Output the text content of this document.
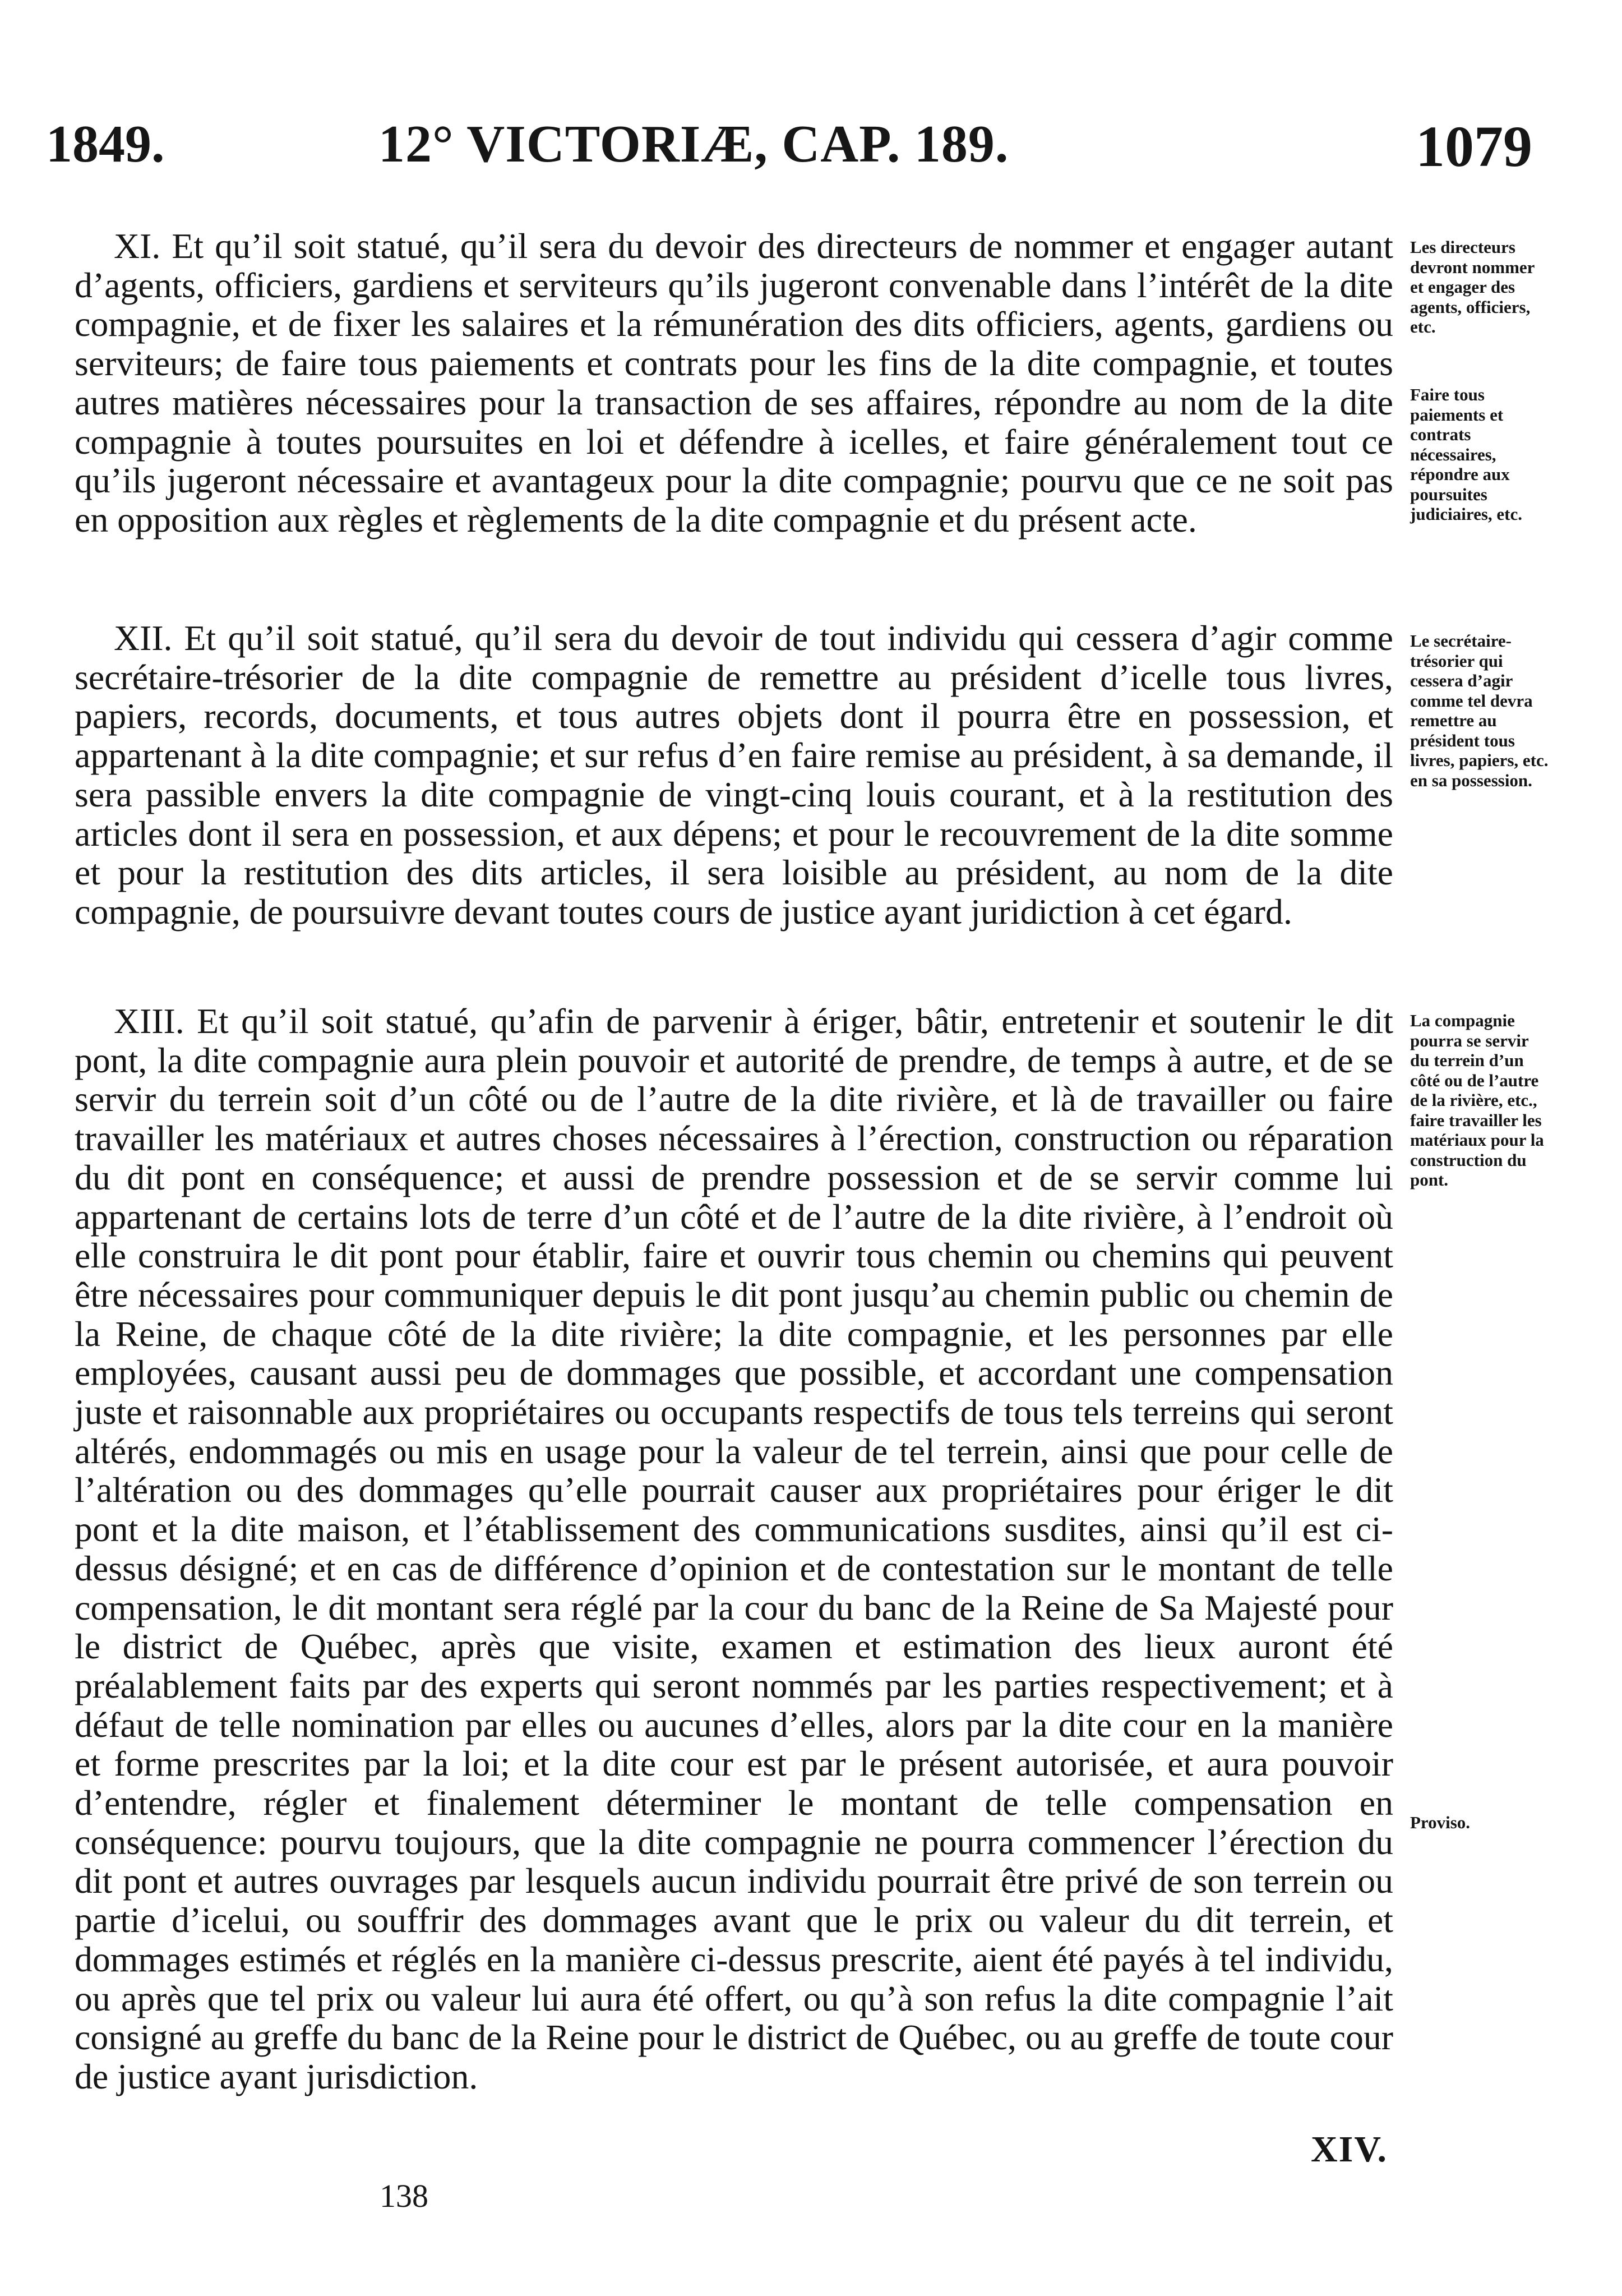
1849.	12° VICTORIÆ, CAP. 189.	1079

XI. Et qu’il soit statué, qu’il sera du devoir des directeurs de nommer et engager autant d’agents, officiers, gardiens et serviteurs qu’ils jugeront convenable dans l’intérêt de la dite compagnie, et de fixer les salaires et la rémunération des dits officiers, agents, gardiens ou serviteurs; de faire tous paiements et contrats pour les fins de la dite compagnie, et toutes autres matières nécessaires pour la transaction de ses affaires, répondre au nom de la dite compagnie à toutes poursuites en loi et défendre à icelles, et faire généralement tout ce qu’ils jugeront nécessaire et avantageux pour la dite compagnie; pourvu que ce ne soit pas en opposition aux règles et règlements de la dite compagnie et du présent acte.

XII. Et qu’il soit statué, qu’il sera du devoir de tout individu qui cessera d’agir comme secrétaire-trésorier de la dite compagnie de remettre au président d’icelle tous livres, papiers, records, documents, et tous autres objets dont il pourra être en possession, et appartenant à la dite compagnie; et sur refus d’en faire remise au président, à sa demande, il sera passible envers la dite compagnie de vingt-cinq louis courant, et à la restitution des articles dont il sera en possession, et aux dépens; et pour le recouvrement de la dite somme et pour la restitution des dits articles, il sera loisible au président, au nom de la dite compagnie, de poursuivre devant toutes cours de justice ayant juridiction à cet égard.

XIII. Et qu’il soit statué, qu’afin de parvenir à ériger, bâtir, entretenir et soutenir le dit pont, la dite compagnie aura plein pouvoir et autorité de prendre, de temps à autre, et de se servir du terrein soit d’un côté ou de l’autre de la dite rivière, et là de travailler ou faire travailler les matériaux et autres choses nécessaires à l’érection, construction ou réparation du dit pont en conséquence; et aussi de prendre possession et de se servir comme lui appartenant de certains lots de terre d’un côté et de l’autre de la dite rivière, à l’endroit où elle construira le dit pont pour établir, faire et ouvrir tous chemin ou chemins qui peuvent être nécessaires pour communiquer depuis le dit pont jusqu’au chemin public ou chemin de la Reine, de chaque côté de la dite rivière; la dite compagnie, et les personnes par elle employées, causant aussi peu de dommages que possible, et accordant une compensation juste et raisonnable aux propriétaires ou occupants respectifs de tous tels terreins qui seront altérés, endommagés ou mis en usage pour la valeur de tel terrein, ainsi que pour celle de l’altération ou des dommages qu’elle pourrait causer aux propriétaires pour ériger le dit pont et la dite maison, et l’établissement des communications susdites, ainsi qu’il est ci-dessus désigné; et en cas de différence d’opinion et de contestation sur le montant de telle compensation, le dit montant sera réglé par la cour du banc de la Reine de Sa Majesté pour le district de Québec, après que visite, examen et estimation des lieux auront été préalablement faits par des experts qui seront nommés par les parties respectivement; et à défaut de telle nomination par elles ou aucunes d’elles, alors par la dite cour en la manière et forme prescrites par la loi; et la dite cour est par le présent autorisée, et aura pouvoir d’entendre, régler et finalement déterminer le montant de telle compensation en conséquence: pourvu toujours, que la dite compagnie ne pourra commencer l’érection du dit pont et autres ouvrages par lesquels aucun individu pourrait être privé de son terrein ou partie d’icelui, ou souffrir des dommages avant que le prix ou valeur du dit terrein, et dommages estimés et réglés en la manière ci-dessus prescrite, aient été payés à tel individu, ou après que tel prix ou valeur lui aura été offert, ou qu’à son refus la dite compagnie l’ait consigné au greffe du banc de la Reine pour le district de Québec, ou au greffe de toute cour de justice ayant jurisdiction.

Les directeurs devront nommer et engager des agents, officiers, etc.

Faire tous paiements et contrats nécessaires, répondre aux poursuites judiciaires, etc.

Le secrétaire-trésorier qui cessera d’agir comme tel devra remettre au président tous livres, papiers, etc. en sa possession.

La compagnie pourra se servir du terrein d’un côté ou de l’autre de la rivière, etc., faire travailler les matériaux pour la construction du pont.

Proviso.

XIV.
138
